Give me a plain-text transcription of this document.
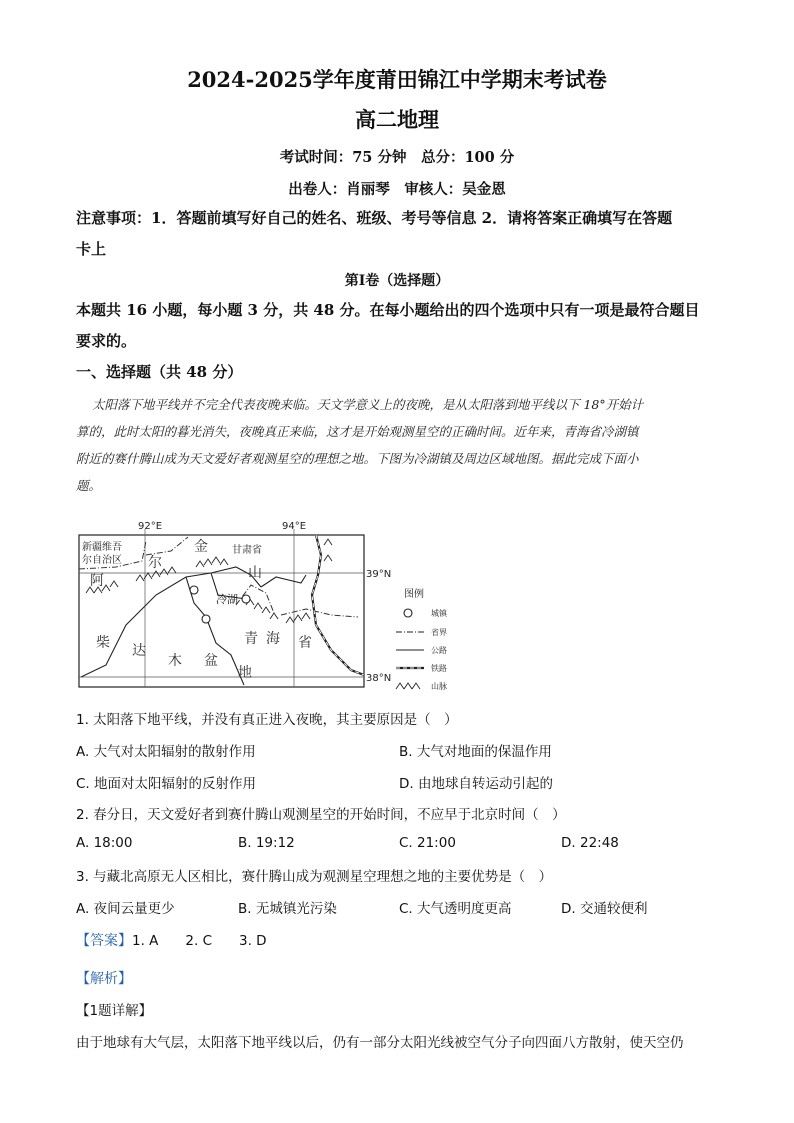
2024-2025学年度莆田锦江中学期末考试卷
高二地理
考试时间：75 分钟　总分：100 分
出卷人：肖丽琴　审核人：吴金恩
注意事项：1．答题前填写好自己的姓名、班级、考号等信息 2．请将答案正确填写在答题
卡上
第Ⅰ卷（选择题）
本题共 16 小题，每小题 3 分，共 48 分。在每小题给出的四个选项中只有一项是最符合题目
要求的。
一、选择题（共 48 分）
太阳落下地平线并不完全代表夜晚来临。天文学意义上的夜晚，是从太阳落到地平线以下 18°开始计
算的，此时太阳的暮光消失，夜晚真正来临，这才是开始观测星空的正确时间。近年来，青海省冷湖镇
附近的赛什腾山成为天文爱好者观测星空的理想之地。下图为冷湖镇及周边区域地图。据此完成下面小
题。
92°E	94°E
39°N
38°N
新疆维吾
尔自治区
甘肃省
冷湖
阿
尔
金
山
柴 达
木 盆
地
青 海 省
图例
城镇
省界
公路
铁路
山脉
1. 太阳落下地平线，并没有真正进入夜晚，其主要原因是（　）
A. 大气对太阳辐射的散射作用	B. 大气对地面的保温作用
C. 地面对太阳辐射的反射作用	D. 由地球自转运动引起的
2. 春分日，天文爱好者到赛什腾山观测星空的开始时间，不应早于北京时间（　）
A. 18:00	B. 19:12	C. 21:00	D. 22:48
3. 与藏北高原无人区相比，赛什腾山成为观测星空理想之地的主要优势是（　）
A. 夜间云量更少	B. 无城镇光污染	C. 大气透明度更高	D. 交通较便利
【答案】1. A　　2. C　　3. D
【解析】
【1题详解】
由于地球有大气层，太阳落下地平线以后，仍有一部分太阳光线被空气分子向四面八方散射，使天空仍
